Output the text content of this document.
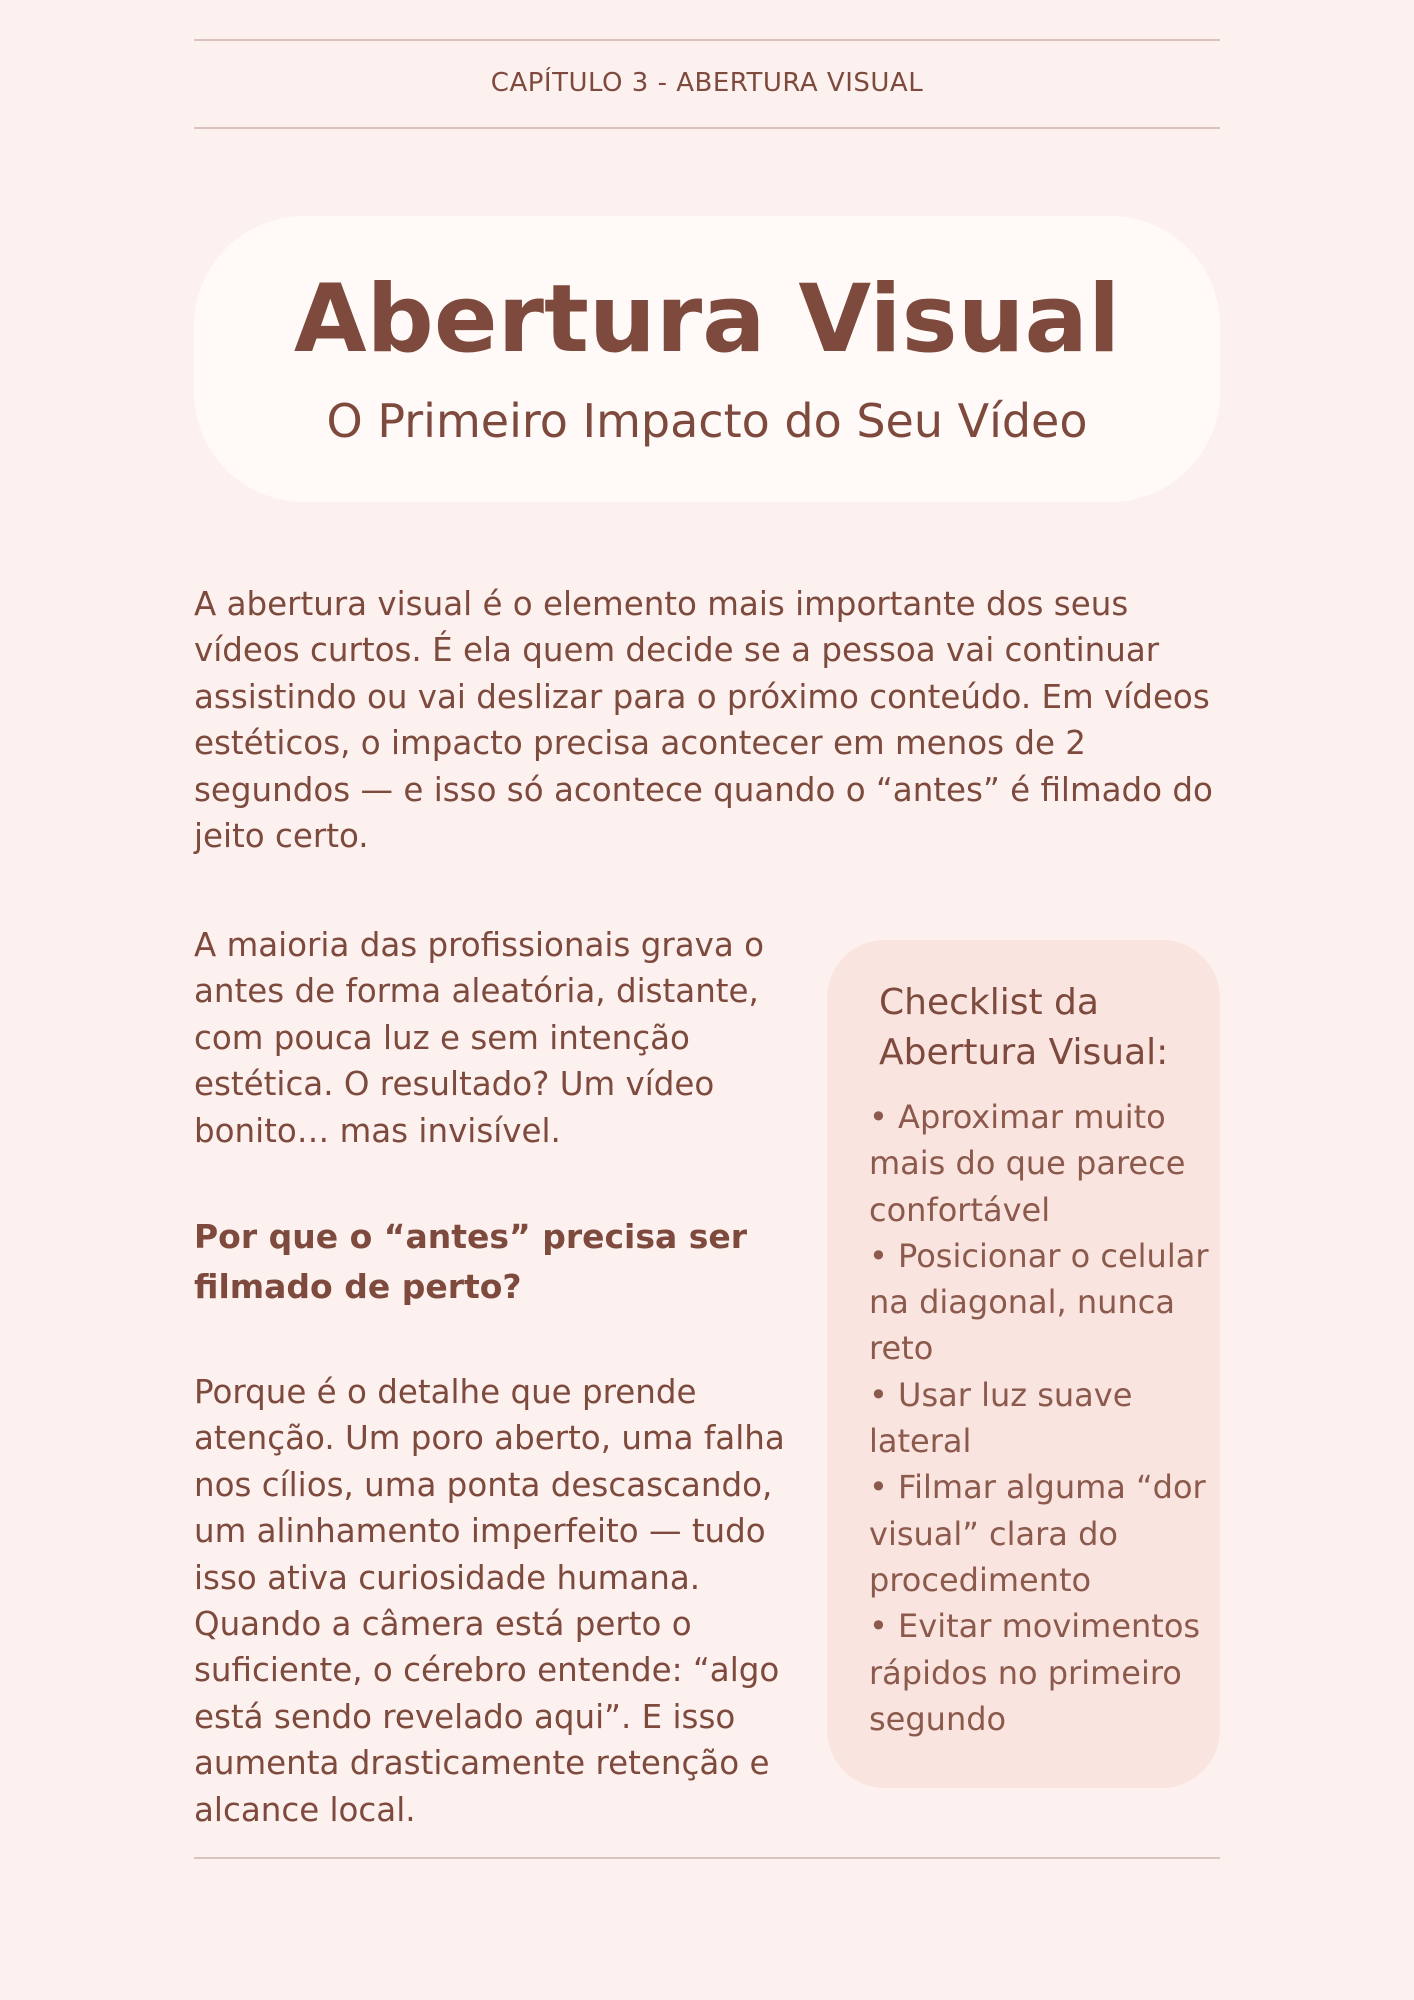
CAPÍTULO 3 - ABERTURA VISUAL
Abertura Visual
O Primeiro Impacto do Seu Vídeo

A abertura visual é o elemento mais importante dos seus vídeos curtos. É ela quem decide se a pessoa vai continuar assistindo ou vai deslizar para o próximo conteúdo. Em vídeos estéticos, o impacto precisa acontecer em menos de 2 segundos — e isso só acontece quando o “antes” é filmado do jeito certo.

A maioria das profissionais grava o antes de forma aleatória, distante, com pouca luz e sem intenção estética. O resultado? Um vídeo bonito… mas invisível.

Por que o “antes” precisa ser filmado de perto?

Porque é o detalhe que prende atenção. Um poro aberto, uma falha nos cílios, uma ponta descascando, um alinhamento imperfeito — tudo isso ativa curiosidade humana. Quando a câmera está perto o suficiente, o cérebro entende: “algo está sendo revelado aqui”. E isso aumenta drasticamente retenção e alcance local.

Checklist da Abertura Visual:
• Aproximar muito mais do que parece confortável
• Posicionar o celular na diagonal, nunca reto
• Usar luz suave lateral
• Filmar alguma “dor visual” clara do procedimento
• Evitar movimentos rápidos no primeiro segundo
